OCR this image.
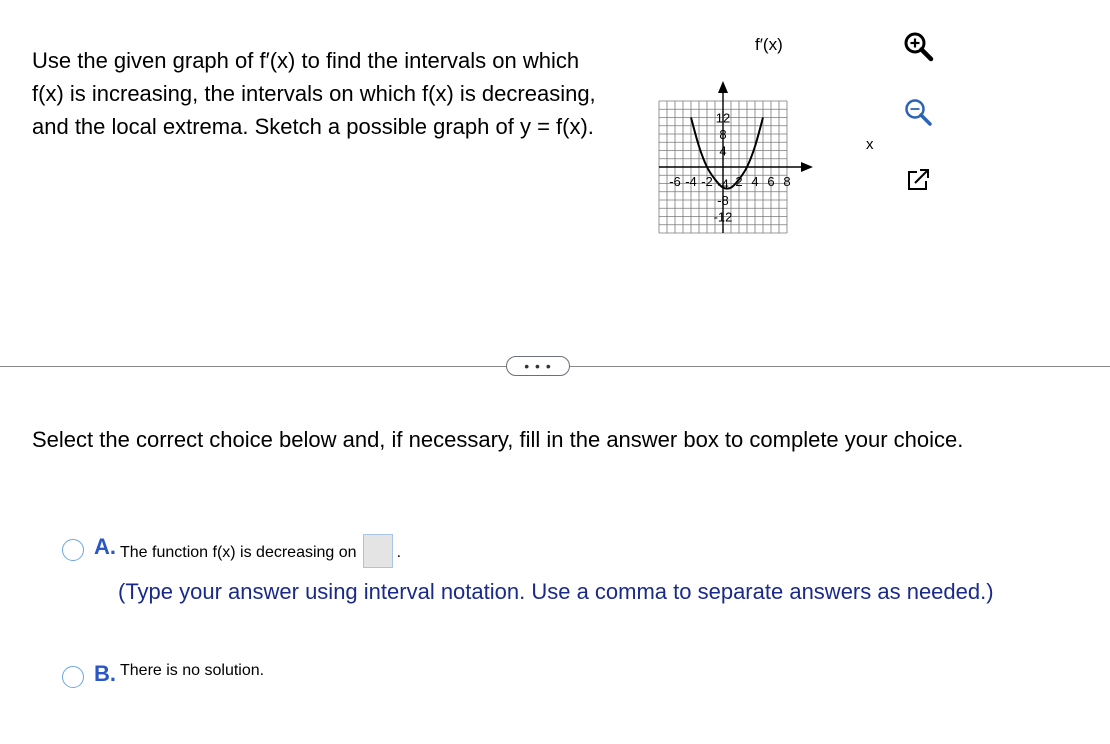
Use the given graph of f′(x) to find the intervals on which f(x) is increasing, the intervals on which f(x) is decreasing, and the local extrema. Sketch a possible graph of y = f(x).
-6 -4 -2 2 4 6 8
12
8
4
-4
-8
-12
f′(x)
x
• • •
Select the correct choice below and, if necessary, fill in the answer box to complete your choice.
A. The function f(x) is decreasing on	.
(Type your answer using interval notation. Use a comma to separate answers as needed.)
B. There is no solution.
